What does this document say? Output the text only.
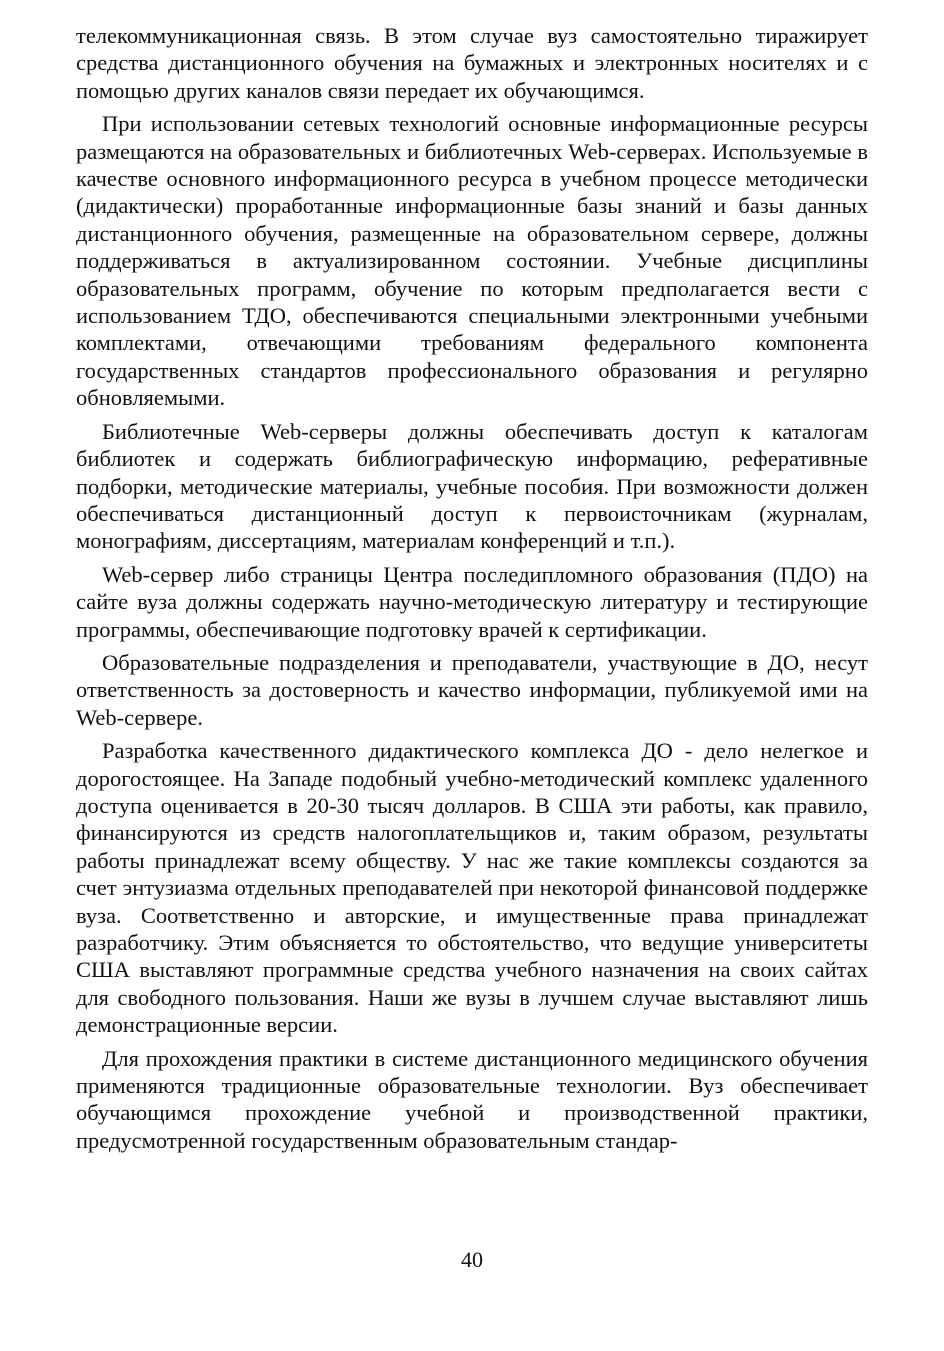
телекоммуникационная связь. В этом случае вуз самостоятельно тиражирует средства дистанционного обучения на бумажных и электронных носителях и с помощью других каналов связи передает их обучающимся.

При использовании сетевых технологий основные информационные ресурсы размещаются на образовательных и библиотечных Web-серверах. Используемые в качестве основного информационного ресурса в учебном процессе методически (дидактически) проработанные информационные базы знаний и базы данных дистанционного обучения, размещенные на образовательном сервере, должны поддерживаться в актуализированном состоянии. Учебные дисциплины образовательных программ, обучение по которым предполагается вести с использованием ТДО, обеспечиваются специальными электронными учебными комплектами, отвечающими требованиям федерального компонента государственных стандартов профессионального образования и регулярно обновляемыми.

Библиотечные Web-серверы должны обеспечивать доступ к каталогам библиотек и содержать библиографическую информацию, реферативные подборки, методические материалы, учебные пособия. При возможности должен обеспечиваться дистанционный доступ к первоисточникам (журналам, монографиям, диссертациям, материалам конференций и т.п.).

Web-сервер либо страницы Центра последипломного образования (ПДО) на сайте вуза должны содержать научно-методическую литературу и тестирующие программы, обеспечивающие подготовку врачей к сертификации.

Образовательные подразделения и преподаватели, участвующие в ДО, несут ответственность за достоверность и качество информации, публикуемой ими на Web-сервере.

Разработка качественного дидактического комплекса ДО - дело нелегкое и дорогостоящее. На Западе подобный учебно-методический комплекс удаленного доступа оценивается в 20-30 тысяч долларов. В США эти работы, как правило, финансируются из средств налогоплательщиков и, таким образом, результаты работы принадлежат всему обществу. У нас же такие комплексы создаются за счет энтузиазма отдельных преподавателей при некоторой финансовой поддержке вуза. Соответственно и авторские, и имущественные права принадлежат разработчику. Этим объясняется то обстоятельство, что ведущие университеты США выставляют программные средства учебного назначения на своих сайтах для свободного пользования. Наши же вузы в лучшем случае выставляют лишь демонстрационные версии.

Для прохождения практики в системе дистанционного медицинского обучения применяются традиционные образовательные технологии. Вуз обеспечивает обучающимся прохождение учебной и производственной практики, предусмотренной государственным образовательным стандар-

40
